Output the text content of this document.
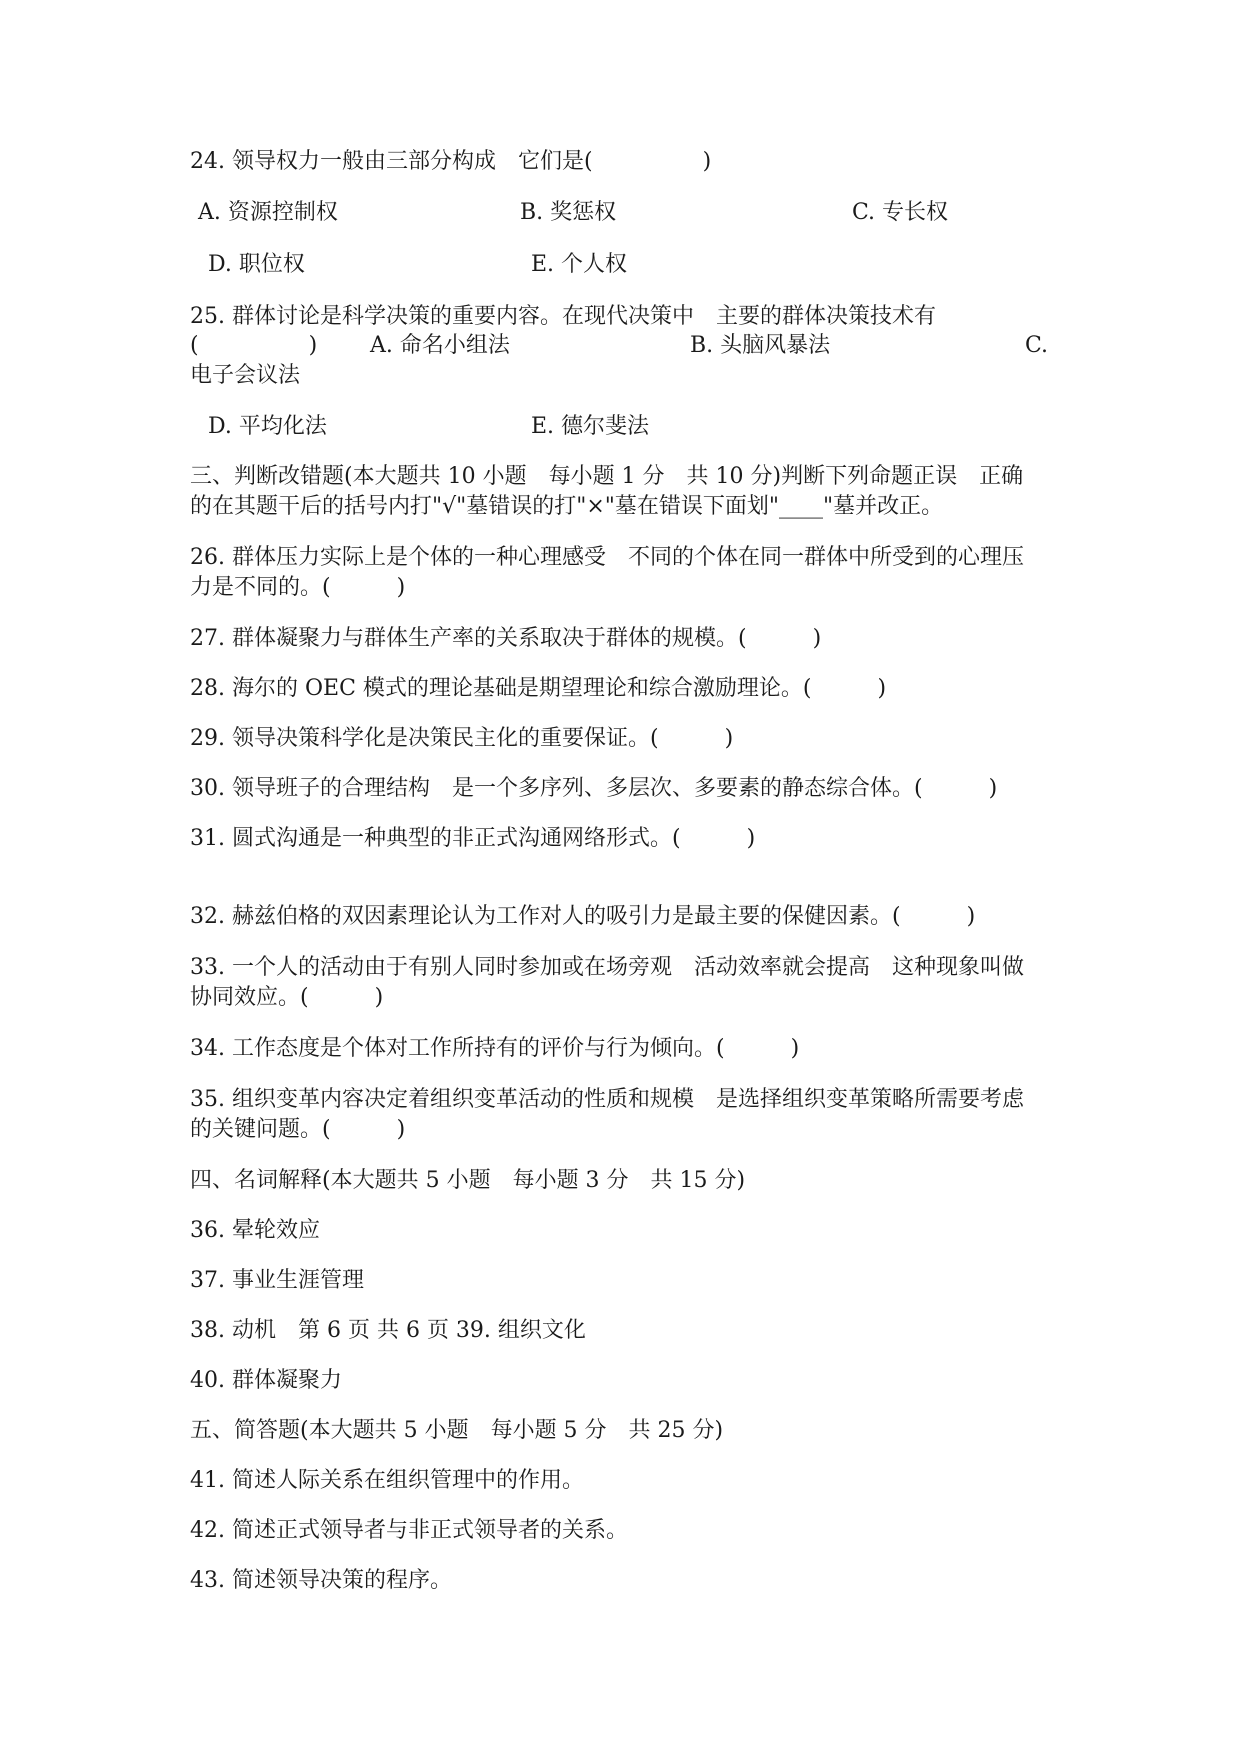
24. 领导权力一般由三部分构成　它们是(　　　　　)
A. 资源控制权	B. 奖惩权	C. 专长权
D. 职位权	E. 个人权
25. 群体讨论是科学决策的重要内容。在现代决策中　主要的群体决策技术有
(　　　　　) A. 命名小组法	B. 头脑风暴法	C.
电子会议法
D. 平均化法	E. 德尔斐法
三、判断改错题(本大题共 10 小题　每小题 1 分　共 10 分)判断下列命题正误　正确
的在其题干后的括号内打"√"墓错误的打"×"墓在错误下面划"____"墓并改正。
26. 群体压力实际上是个体的一种心理感受　不同的个体在同一群体中所受到的心理压
力是不同的。(　　　)
27. 群体凝聚力与群体生产率的关系取决于群体的规模。(　　　)
28. 海尔的 OEC 模式的理论基础是期望理论和综合激励理论。(　　　)
29. 领导决策科学化是决策民主化的重要保证。(　　　)
30. 领导班子的合理结构　是一个多序列、多层次、多要素的静态综合体。(　　　)
31. 圆式沟通是一种典型的非正式沟通网络形式。(　　　)
32. 赫兹伯格的双因素理论认为工作对人的吸引力是最主要的保健因素。(　　　)
33. 一个人的活动由于有别人同时参加或在场旁观　活动效率就会提高　这种现象叫做
协同效应。(　　　)
34. 工作态度是个体对工作所持有的评价与行为倾向。(　　　)
35. 组织变革内容决定着组织变革活动的性质和规模　是选择组织变革策略所需要考虑
的关键问题。(　　　)
四、名词解释(本大题共 5 小题　每小题 3 分　共 15 分)
36. 晕轮效应
37. 事业生涯管理
38. 动机　第 6 页 共 6 页 39. 组织文化
40. 群体凝聚力
五、简答题(本大题共 5 小题　每小题 5 分　共 25 分)
41. 简述人际关系在组织管理中的作用。
42. 简述正式领导者与非正式领导者的关系。
43. 简述领导决策的程序。
